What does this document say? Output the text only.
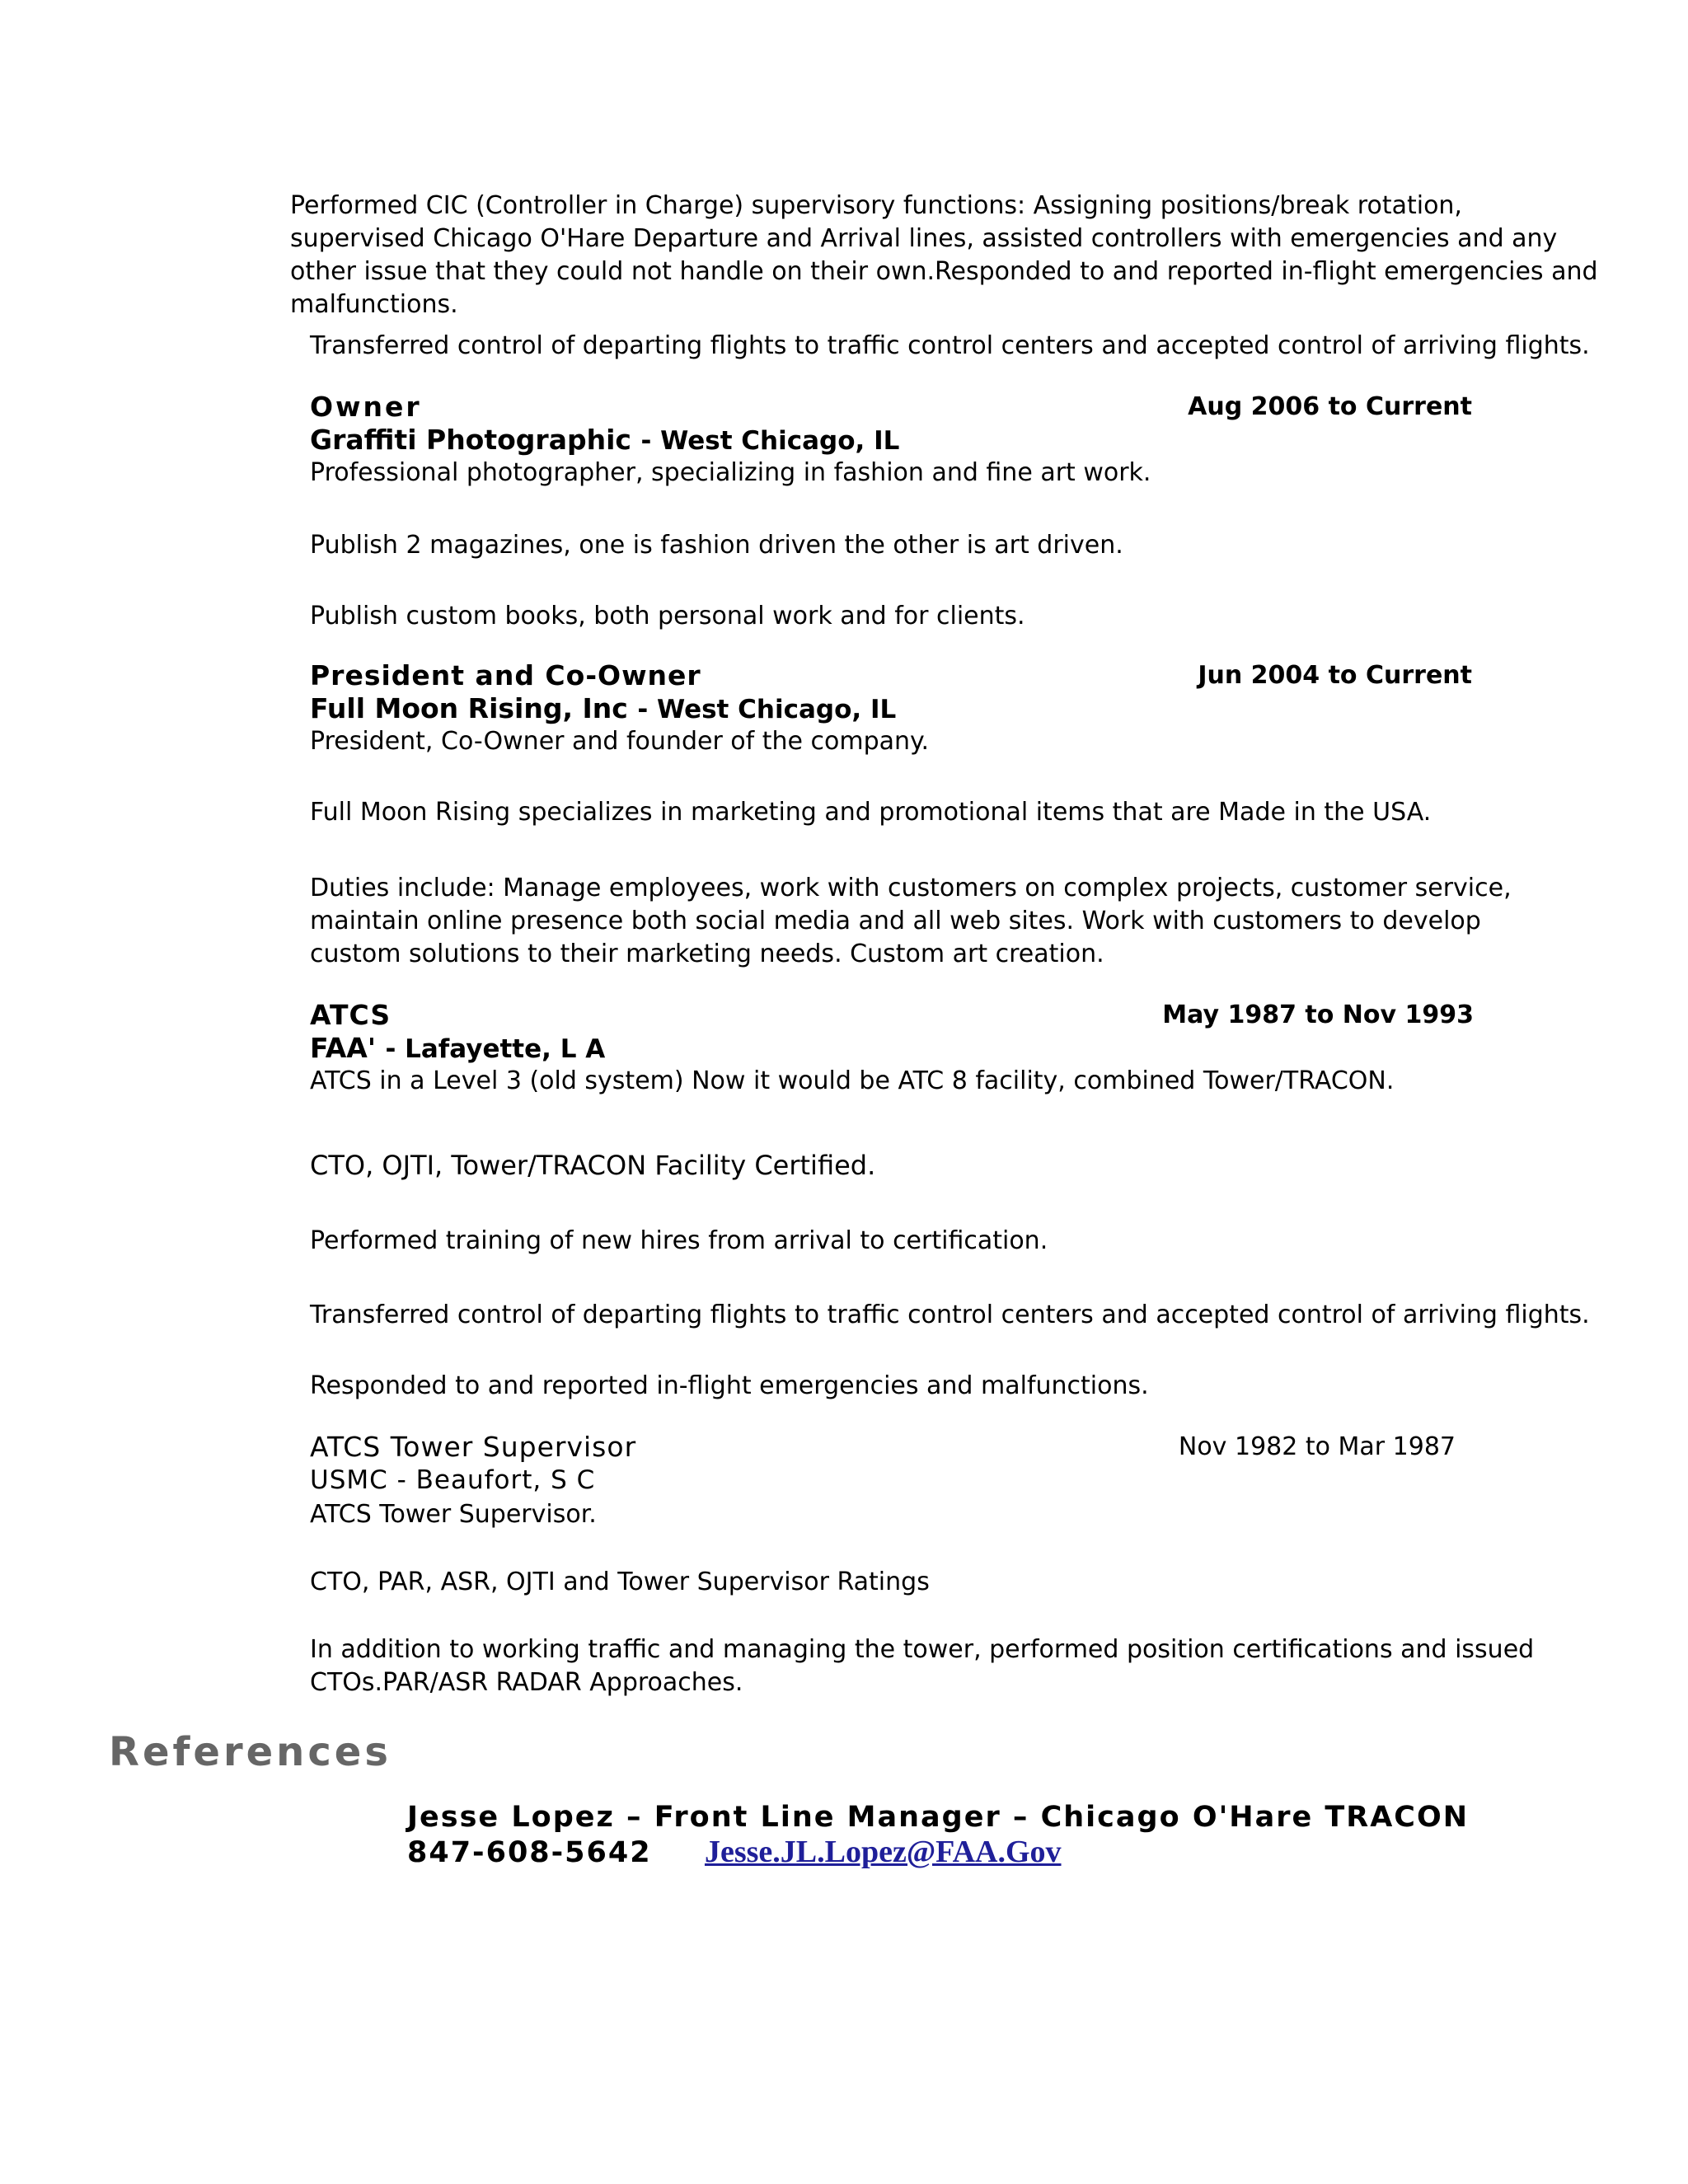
Performed CIC (Controller in Charge) supervisory functions: Assigning positions/break rotation, supervised Chicago O'Hare Departure and Arrival lines, assisted controllers with emergencies and any other issue that they could not handle on their own.Responded to and reported in-flight emergencies and malfunctions.

Transferred control of departing flights to traffic control centers and accepted control of arriving flights.

Owner	Aug 2006 to Current

Graffiti Photographic - West Chicago, IL

Professional photographer, specializing in fashion and fine art work.

Publish 2 magazines, one is fashion driven the other is art driven.

Publish custom books, both personal work and for clients.

President and Co-Owner	Jun 2004 to Current

Full Moon Rising, Inc - West Chicago, IL

President, Co-Owner and founder of the company.

Full Moon Rising specializes in marketing and promotional items that are Made in the USA.

Duties include: Manage employees, work with customers on complex projects, customer service, maintain online presence both social media and all web sites. Work with customers to develop custom solutions to their marketing needs. Custom art creation.

ATCS	May 1987 to Nov 1993

FAA' - Lafayette, L A

ATCS in a Level 3 (old system) Now it would be ATC 8 facility, combined Tower/TRACON.

CTO, OJTI, Tower/TRACON Facility Certified.

Performed training of new hires from arrival to certification.

Transferred control of departing flights to traffic control centers and accepted control of arriving flights.

Responded to and reported in-flight emergencies and malfunctions.

ATCS Tower Supervisor	Nov 1982 to Mar 1987

USMC - Beaufort, S C

ATCS Tower Supervisor.

CTO, PAR, ASR, OJTI and Tower Supervisor Ratings

In addition to working traffic and managing the tower, performed position certifications and issued CTOs.PAR/ASR RADAR Approaches.

References
Jesse Lopez – Front Line Manager – Chicago O'Hare TRACON
847-608-5642 Jesse.JL.Lopez@FAA.Gov
